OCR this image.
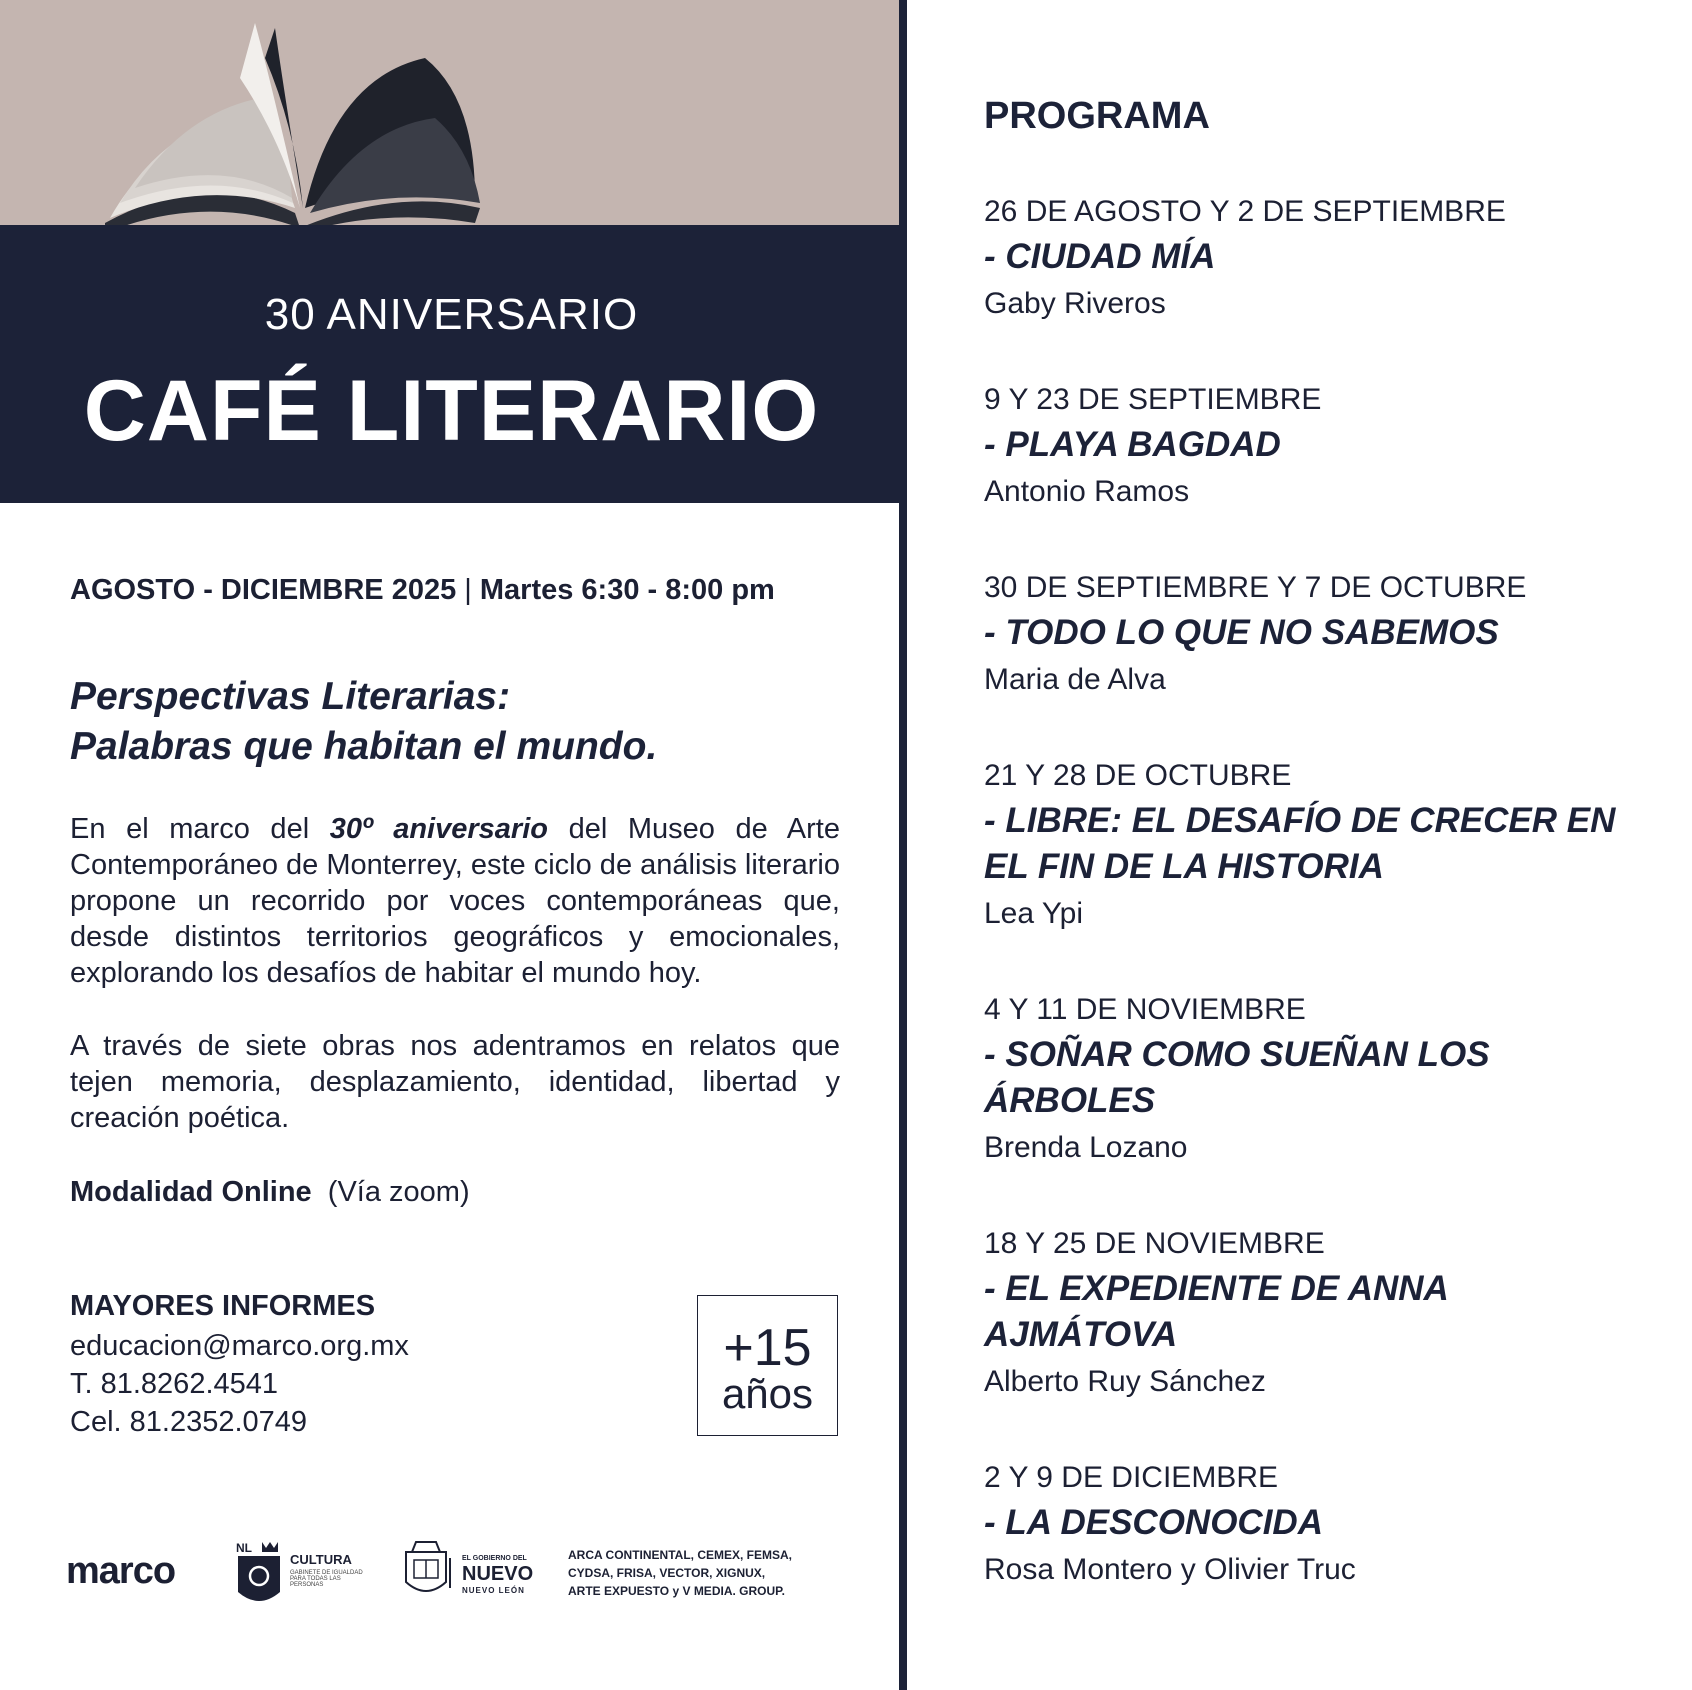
30 ANIVERSARIO
CAFÉ LITERARIO
AGOSTO - DICIEMBRE 2025 | Martes 6:30 - 8:00 pm
Perspectivas Literarias:
Palabras que habitan el mundo.
En el marco del 30º aniversario del Museo de Arte Contemporáneo de Monterrey, este ciclo de análisis literario propone un recorrido por voces contemporáneas que, desde distintos territorios geográficos y emocionales, explorando los desafíos de habitar el mundo hoy.
A través de siete obras nos adentramos en relatos que tejen memoria, desplazamiento, identidad, libertad y creación poética.
Modalidad Online (Vía zoom)
MAYORES INFORMES
educacion@marco.org.mx
T. 81.8262.4541
Cel. 81.2352.0749
+15
años
marco
NL
CULTURA
GABINETE DE IGUALDAD PARA TODAS LAS PERSONAS
EL GOBIERNO DEL
NUEVO
NUEVO LEÓN
ARCA CONTINENTAL, CEMEX, FEMSA,
CYDSA, FRISA, VECTOR, XIGNUX,
ARTE EXPUESTO y V MEDIA. GROUP.
PROGRAMA
26 DE AGOSTO Y 2 DE SEPTIEMBRE
- CIUDAD MÍA
Gaby Riveros
9 Y 23 DE SEPTIEMBRE
- PLAYA BAGDAD
Antonio Ramos
30 DE SEPTIEMBRE Y 7 DE OCTUBRE
- TODO LO QUE NO SABEMOS
Maria de Alva
21 Y 28 DE OCTUBRE
- LIBRE: EL DESAFÍO DE CRECER EN EL FIN DE LA HISTORIA
Lea Ypi
4 Y 11 DE NOVIEMBRE
- SOÑAR COMO SUEÑAN LOS ÁRBOLES
Brenda Lozano
18 Y 25 DE NOVIEMBRE
- EL EXPEDIENTE DE ANNA AJMÁTOVA
Alberto Ruy Sánchez
2 Y 9 DE DICIEMBRE
- LA DESCONOCIDA
Rosa Montero y Olivier Truc
